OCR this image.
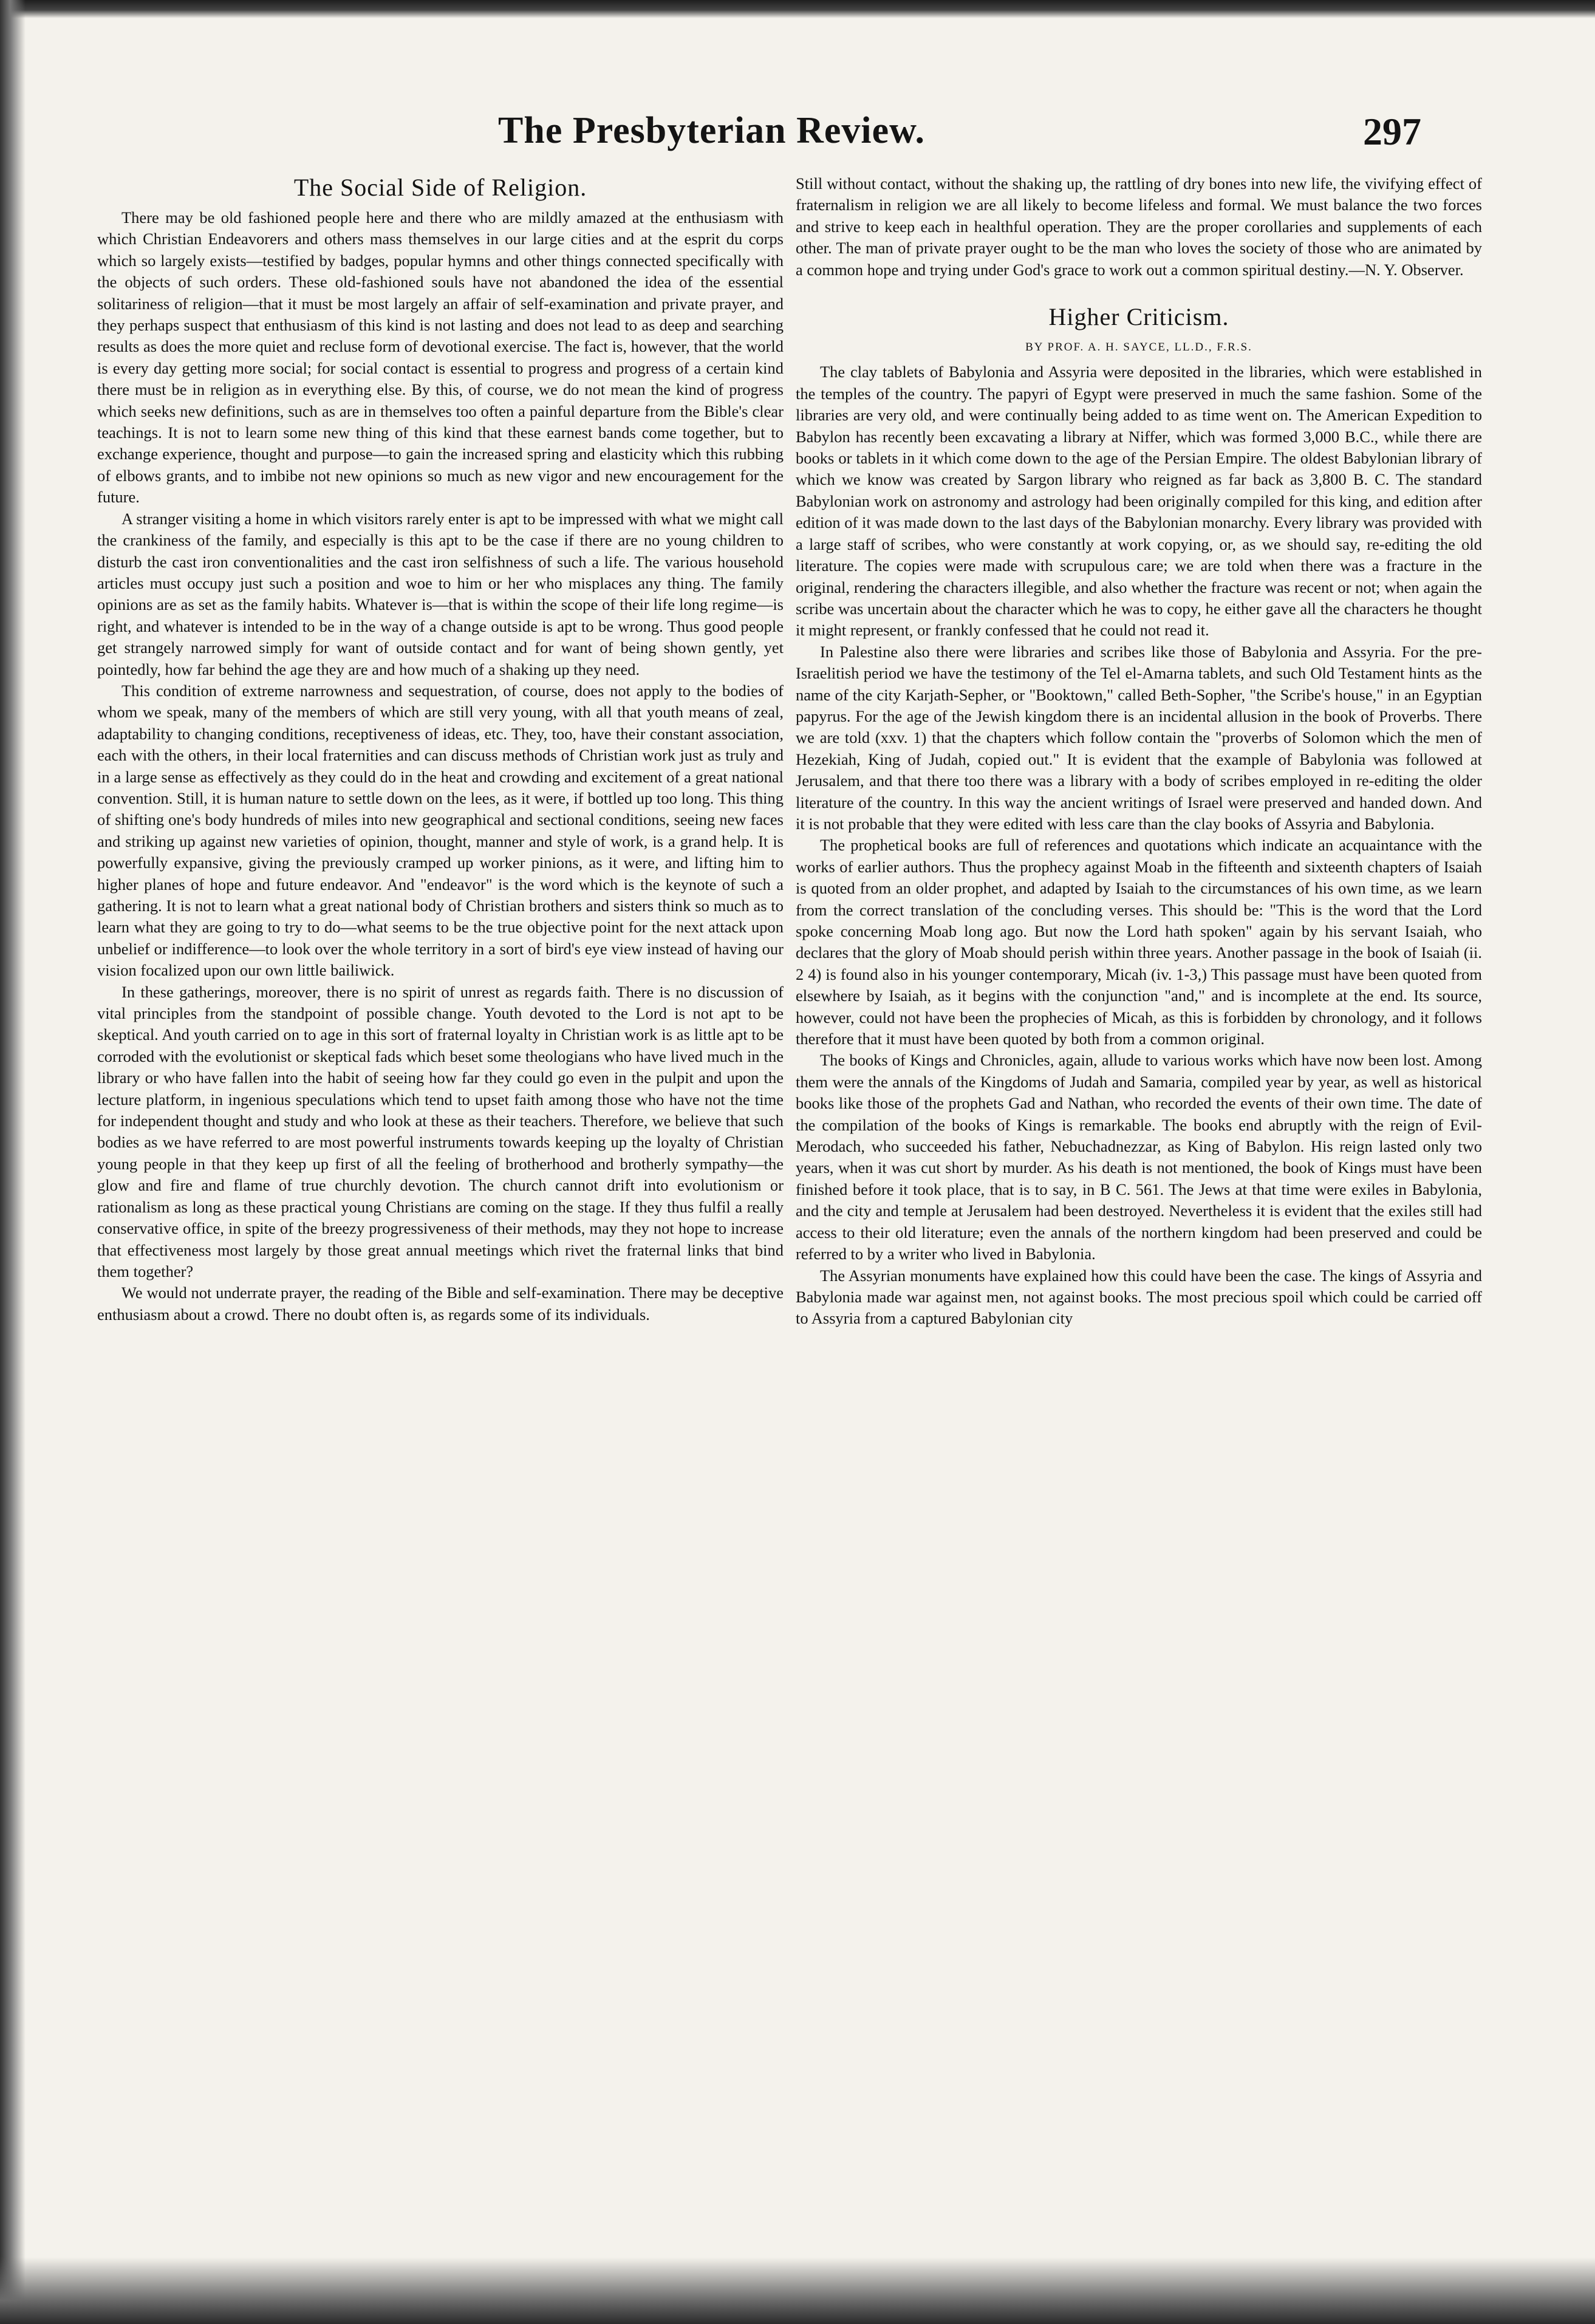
The Presbyterian Review.	297
The Social Side of Religion.

There may be old fashioned people here and there who are mildly amazed at the enthusiasm with which Christian Endeavorers and others mass themselves in our large cities and at the esprit du corps which so largely exists—testified by badges, popular hymns and other things connected specifically with the objects of such orders. These old-fashioned souls have not abandoned the idea of the essential solitariness of religion—that it must be most largely an affair of self-examination and private prayer, and they perhaps suspect that enthusiasm of this kind is not lasting and does not lead to as deep and searching results as does the more quiet and recluse form of devotional exercise. The fact is, however, that the world is every day getting more social; for social contact is essential to progress and progress of a certain kind there must be in religion as in everything else. By this, of course, we do not mean the kind of progress which seeks new definitions, such as are in themselves too often a painful departure from the Bible's clear teachings. It is not to learn some new thing of this kind that these earnest bands come together, but to exchange experience, thought and purpose—to gain the increased spring and elasticity which this rubbing of elbows grants, and to imbibe not new opinions so much as new vigor and new encouragement for the future.

A stranger visiting a home in which visitors rarely enter is apt to be impressed with what we might call the crankiness of the family, and especially is this apt to be the case if there are no young children to disturb the cast iron conventionalities and the cast iron selfishness of such a life. The various household articles must occupy just such a position and woe to him or her who misplaces any thing. The family opinions are as set as the family habits. Whatever is—that is within the scope of their life long regime—is right, and whatever is intended to be in the way of a change outside is apt to be wrong. Thus good people get strangely narrowed simply for want of outside contact and for want of being shown gently, yet pointedly, how far behind the age they are and how much of a shaking up they need.

This condition of extreme narrowness and sequestration, of course, does not apply to the bodies of whom we speak, many of the members of which are still very young, with all that youth means of zeal, adaptability to changing conditions, receptiveness of ideas, etc. They, too, have their constant association, each with the others, in their local fraternities and can discuss methods of Christian work just as truly and in a large sense as effectively as they could do in the heat and crowding and excitement of a great national convention. Still, it is human nature to settle down on the lees, as it were, if bottled up too long. This thing of shifting one's body hundreds of miles into new geographical and sectional conditions, seeing new faces and striking up against new varieties of opinion, thought, manner and style of work, is a grand help. It is powerfully expansive, giving the previously cramped up worker pinions, as it were, and lifting him to higher planes of hope and future endeavor. And "endeavor" is the word which is the keynote of such a gathering. It is not to learn what a great national body of Christian brothers and sisters think so much as to learn what they are going to try to do—what seems to be the true objective point for the next attack upon unbelief or indifference—to look over the whole territory in a sort of bird's eye view instead of having our vision focalized upon our own little bailiwick.

In these gatherings, moreover, there is no spirit of unrest as regards faith. There is no discussion of vital principles from the standpoint of possible change. Youth devoted to the Lord is not apt to be skeptical. And youth carried on to age in this sort of fraternal loyalty in Christian work is as little apt to be corroded with the evolutionist or skeptical fads which beset some theologians who have lived much in the library or who have fallen into the habit of seeing how far they could go even in the pulpit and upon the lecture platform, in ingenious speculations which tend to upset faith among those who have not the time for independent thought and study and who look at these as their teachers. Therefore, we believe that such bodies as we have referred to are most powerful instruments towards keeping up the loyalty of Christian young people in that they keep up first of all the feeling of brotherhood and brotherly sympathy—the glow and fire and flame of true churchly devotion. The church cannot drift into evolutionism or rationalism as long as these practical young Christians are coming on the stage. If they thus fulfil a really conservative office, in spite of the breezy progressiveness of their methods, may they not hope to increase that effectiveness most largely by those great annual meetings which rivet the fraternal links that bind them together?

We would not underrate prayer, the reading of the Bible and self-examination. There may be deceptive enthusiasm about a crowd. There no doubt often is, as regards some of its individuals.

Still without contact, without the shaking up, the rattling of dry bones into new life, the vivifying effect of fraternalism in religion we are all likely to become lifeless and formal. We must balance the two forces and strive to keep each in healthful operation. They are the proper corollaries and supplements of each other. The man of private prayer ought to be the man who loves the society of those who are animated by a common hope and trying under God's grace to work out a common spiritual destiny.—N. Y. Observer.

Higher Criticism.
BY PROF. A. H. SAYCE, LL.D., F.R.S.

The clay tablets of Babylonia and Assyria were deposited in the libraries, which were established in the temples of the country. The papyri of Egypt were preserved in much the same fashion. Some of the libraries are very old, and were continually being added to as time went on. The American Expedition to Babylon has recently been excavating a library at Niffer, which was formed 3,000 B.C., while there are books or tablets in it which come down to the age of the Persian Empire. The oldest Babylonian library of which we know was created by Sargon library who reigned as far back as 3,800 B. C. The standard Babylonian work on astronomy and astrology had been originally compiled for this king, and edition after edition of it was made down to the last days of the Babylonian monarchy. Every library was provided with a large staff of scribes, who were constantly at work copying, or, as we should say, re-editing the old literature. The copies were made with scrupulous care; we are told when there was a fracture in the original, rendering the characters illegible, and also whether the fracture was recent or not; when again the scribe was uncertain about the character which he was to copy, he either gave all the characters he thought it might represent, or frankly confessed that he could not read it.

In Palestine also there were libraries and scribes like those of Babylonia and Assyria. For the pre-Israelitish period we have the testimony of the Tel el-Amarna tablets, and such Old Testament hints as the name of the city Karjath-Sepher, or "Booktown," called Beth-Sopher, "the Scribe's house," in an Egyptian papyrus. For the age of the Jewish kingdom there is an incidental allusion in the book of Proverbs. There we are told (xxv. 1) that the chapters which follow contain the "proverbs of Solomon which the men of Hezekiah, King of Judah, copied out." It is evident that the example of Babylonia was followed at Jerusalem, and that there too there was a library with a body of scribes employed in re-editing the older literature of the country. In this way the ancient writings of Israel were preserved and handed down. And it is not probable that they were edited with less care than the clay books of Assyria and Babylonia.

The prophetical books are full of references and quotations which indicate an acquaintance with the works of earlier authors. Thus the prophecy against Moab in the fifteenth and sixteenth chapters of Isaiah is quoted from an older prophet, and adapted by Isaiah to the circumstances of his own time, as we learn from the correct translation of the concluding verses. This should be: "This is the word that the Lord spoke concerning Moab long ago. But now the Lord hath spoken" again by his servant Isaiah, who declares that the glory of Moab should perish within three years. Another passage in the book of Isaiah (ii. 2 4) is found also in his younger contemporary, Micah (iv. 1-3,) This passage must have been quoted from elsewhere by Isaiah, as it begins with the conjunction "and," and is incomplete at the end. Its source, however, could not have been the prophecies of Micah, as this is forbidden by chronology, and it follows therefore that it must have been quoted by both from a common original.

The books of Kings and Chronicles, again, allude to various works which have now been lost. Among them were the annals of the Kingdoms of Judah and Samaria, compiled year by year, as well as historical books like those of the prophets Gad and Nathan, who recorded the events of their own time. The date of the compilation of the books of Kings is remarkable. The books end abruptly with the reign of Evil-Merodach, who succeeded his father, Nebuchadnezzar, as King of Babylon. His reign lasted only two years, when it was cut short by murder. As his death is not mentioned, the book of Kings must have been finished before it took place, that is to say, in B C. 561. The Jews at that time were exiles in Babylonia, and the city and temple at Jerusalem had been destroyed. Nevertheless it is evident that the exiles still had access to their old literature; even the annals of the northern kingdom had been preserved and could be referred to by a writer who lived in Babylonia.

The Assyrian monuments have explained how this could have been the case. The kings of Assyria and Babylonia made war against men, not against books. The most precious spoil which could be carried off to Assyria from a captured Babylonian city
